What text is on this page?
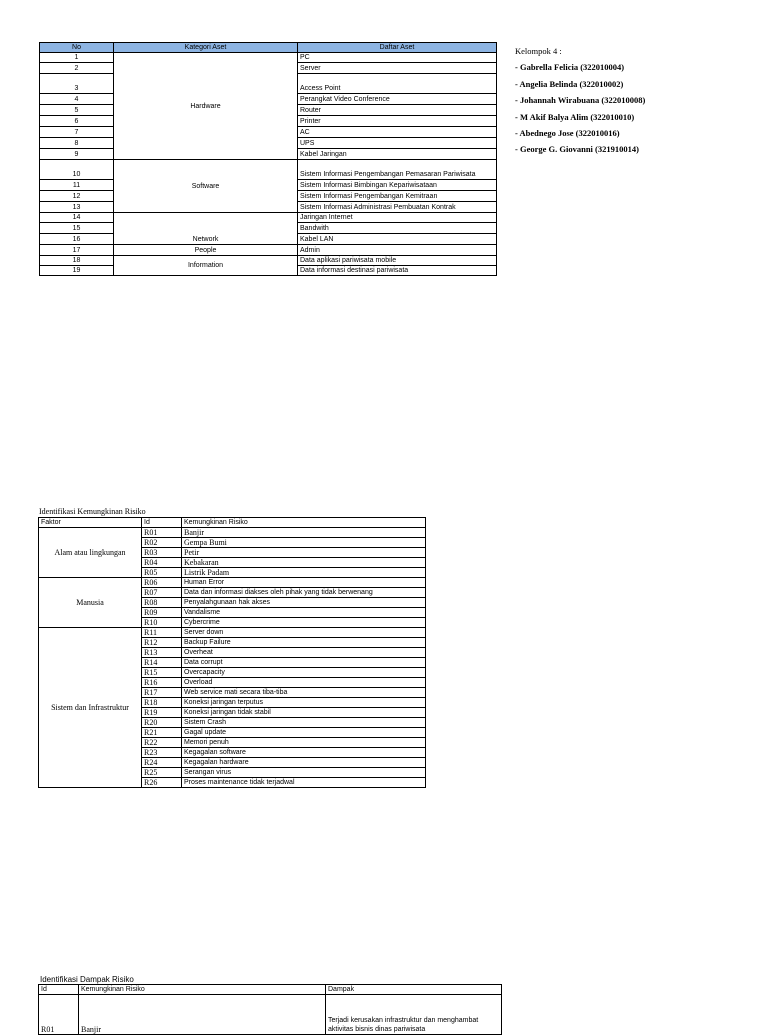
No	Kategori Aset	Daftar Aset
1	Hardware	PC
2		Server
3		Access Point
4		Perangkat Video Conference
5		Router
6		Printer
7		AC
8		UPS
9		Kabel Jaringan
10	Software	Sistem Informasi Pengembangan Pemasaran Pariwisata
11		Sistem Informasi Bimbingan Kepariwisataan
12		Sistem Informasi Pengembangan Kemitraan
13		Sistem Informasi Administrasi Pembuatan Kontrak
14	Network	Jaringan Internet
15		Bandwith
16		Kabel LAN
17	People	Admin
18	Information	Data aplikasi pariwisata mobile
19		Data informasi destinasi pariwisata
Kelompok 4 :
- Gabrella Felicia (322010004)
- Angelia Belinda (322010002)
- Johannah Wirabuana (322010008)
- M Akif Balya Alim (322010010)
- Abednego Jose (322010016)
- George G. Giovanni (321910014)
Identifikasi Kemungkinan Risiko
Faktor	Id	Kemungkinan Risiko
Alam atau lingkungan	R01	Banjir
	R02	Gempa Bumi
	R03	Petir
	R04	Kebakaran
	R05	Listrik Padam
Manusia	R06	Human Error
	R07	Data dan informasi diakses oleh pihak yang tidak berwenang
	R08	Penyalahgunaan hak akses
	R09	Vandalisme
	R10	Cybercrime
Sistem dan Infrastruktur	R11	Server down
	R12	Backup Failure
	R13	Overheat
	R14	Data corrupt
	R15	Overcapacity
	R16	Overload
	R17	Web service mati secara tiba-tiba
	R18	Koneksi jaringan terputus
	R19	Koneksi jaringan tidak stabil
	R20	Sistem Crash
	R21	Gagal update
	R22	Memori penuh
	R23	Kegagalan software
	R24	Kegagalan hardware
	R25	Serangan virus
	R26	Proses maintenance tidak terjadwal
Identifikasi Dampak Risiko
Id	Kemungkinan Risiko	Dampak
R01	Banjir	Terjadi kerusakan infrastruktur dan menghambat
aktivitas bisnis dinas pariwisata
